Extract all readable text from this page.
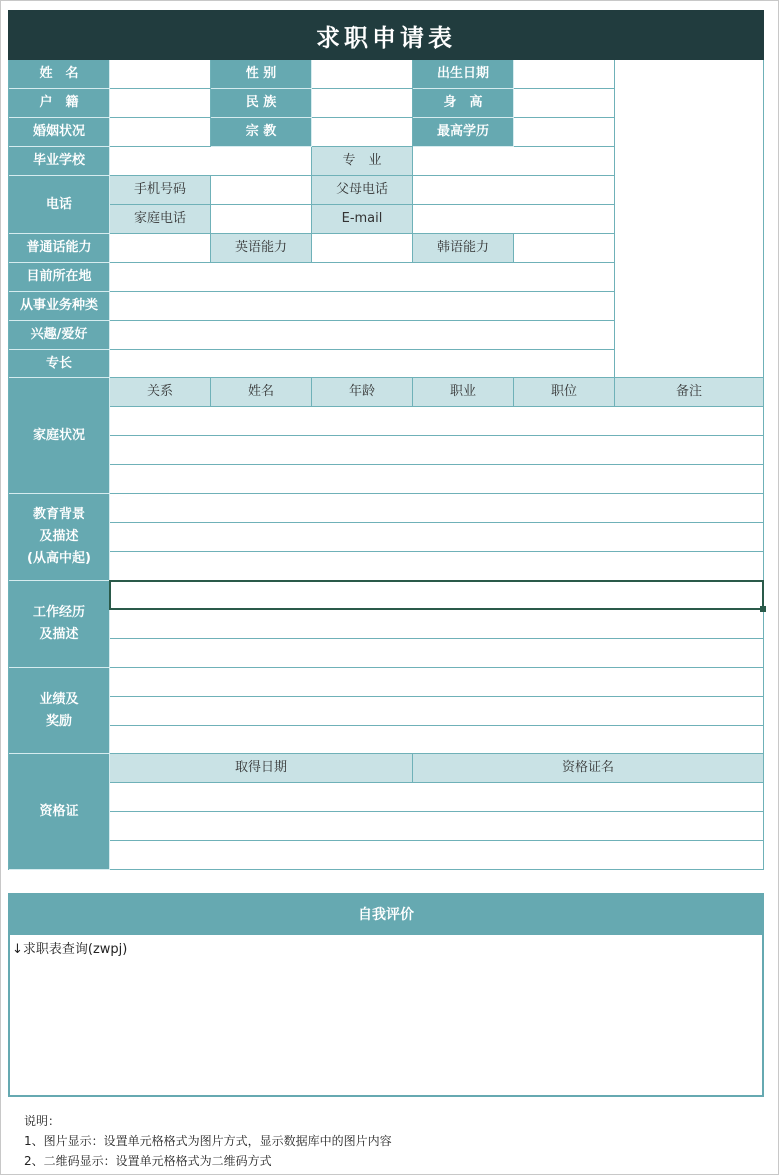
求职申请表
姓　名	性 别	出生日期
户　籍	民 族	身　高
婚姻状况	宗 教	最高学历
毕业学校	专　业
电话
手机号码	父母电话
家庭电话	E-mail
普通话能力	英语能力	韩语能力
目前所在地
从事业务种类
兴趣/爱好
专长
家庭状况
关系	姓名	年龄	职业	职位	备注
教育背景
及描述
(从高中起)
工作经历
及描述
业绩及
奖励
资格证
取得日期	资格证名
自我评价
↓求职表查询(zwpj)
说明：
1、图片显示：设置单元格格式为图片方式，显示数据库中的图片内容
2、二维码显示：设置单元格格式为二维码方式
